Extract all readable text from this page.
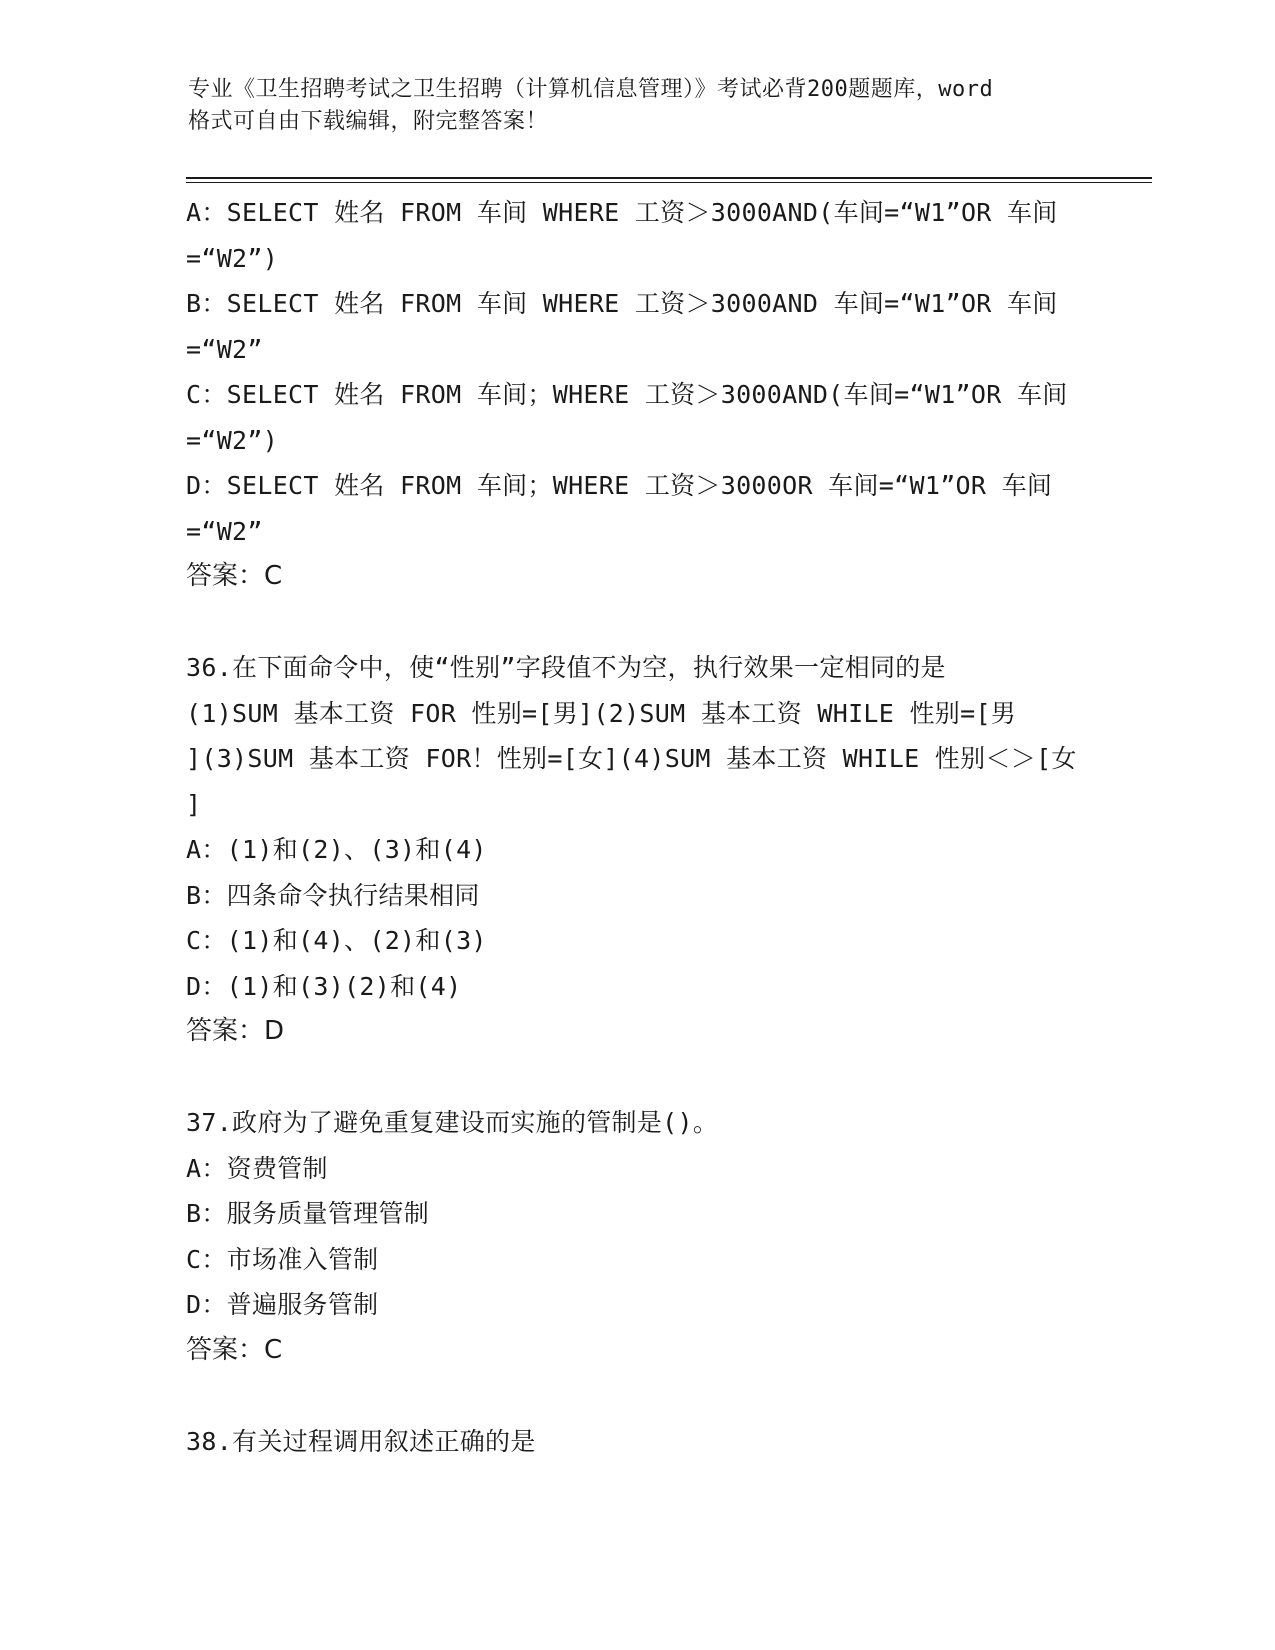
专业《卫生招聘考试之卫生招聘（计算机信息管理）》考试必背200题题库，word
格式可自由下载编辑，附完整答案！
A：SELECT 姓名 FROM 车间 WHERE 工资＞3000AND(车间=“W1”OR 车间
=“W2”)
B：SELECT 姓名 FROM 车间 WHERE 工资＞3000AND 车间=“W1”OR 车间
=“W2”
C：SELECT 姓名 FROM 车间；WHERE 工资＞3000AND(车间=“W1”OR 车间
=“W2”)
D：SELECT 姓名 FROM 车间；WHERE 工资＞3000OR 车间=“W1”OR 车间
=“W2”
答案：C
36.在下面命令中，使“性别”字段值不为空，执行效果一定相同的是
(1)SUM 基本工资 FOR 性别=[男](2)SUM 基本工资 WHILE 性别=[男
](3)SUM 基本工资 FOR！性别=[女](4)SUM 基本工资 WHILE 性别＜＞[女
]
A：(1)和(2)、(3)和(4)
B：四条命令执行结果相同
C：(1)和(4)、(2)和(3)
D：(1)和(3)(2)和(4)
答案：D
37.政府为了避免重复建设而实施的管制是()。
A：资费管制
B：服务质量管理管制
C：市场准入管制
D：普遍服务管制
答案：C
38.有关过程调用叙述正确的是
